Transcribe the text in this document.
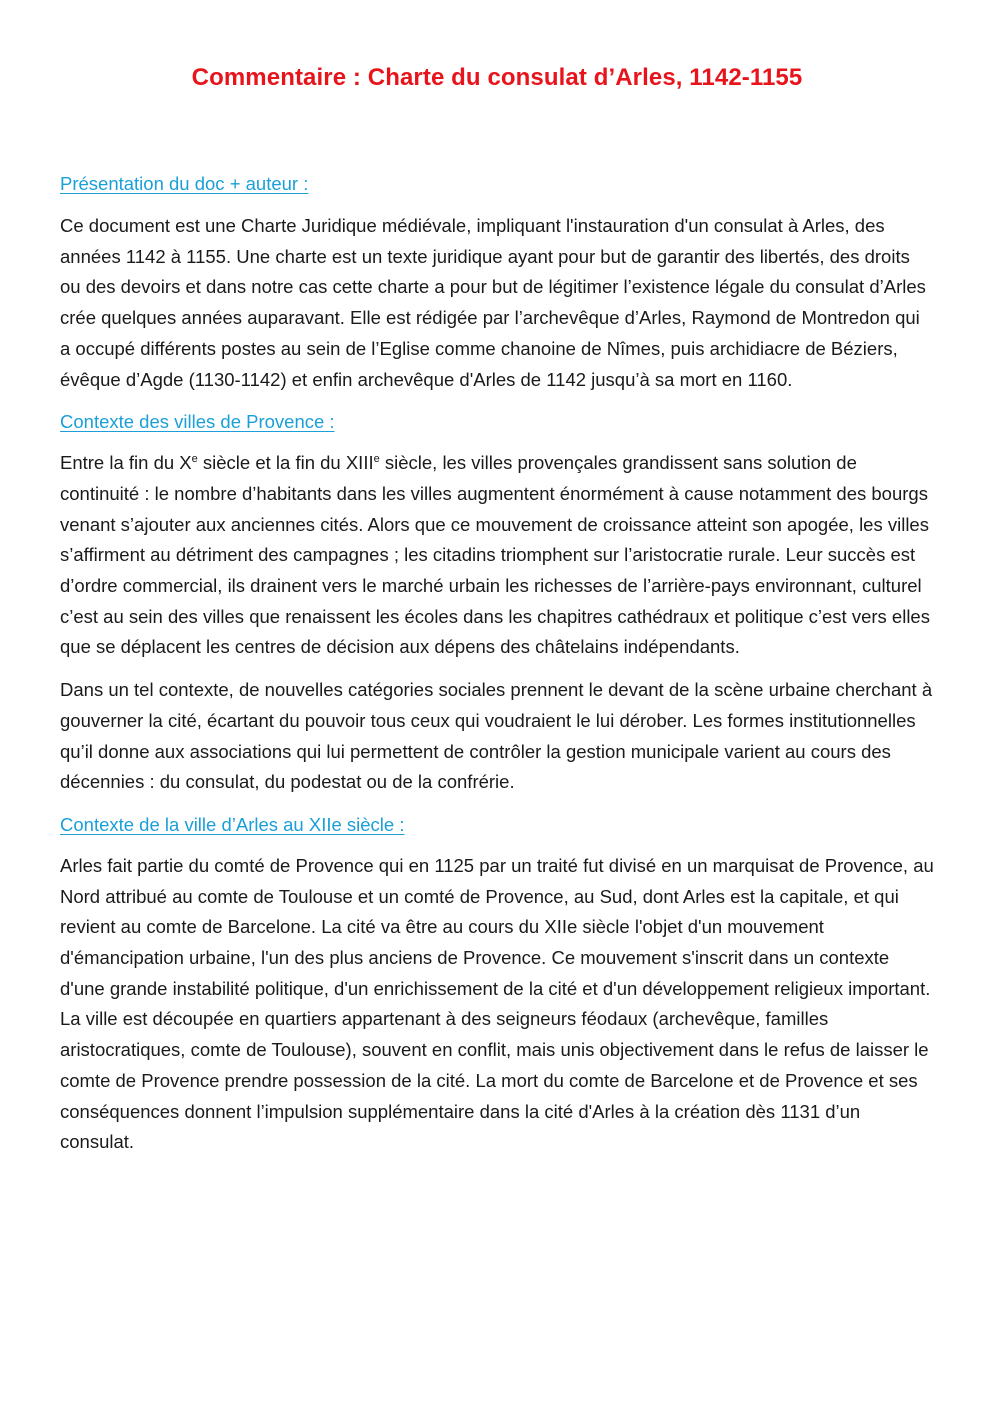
Commentaire : Charte du consulat d’Arles, 1142-1155

Présentation du doc + auteur :

Ce document est une Charte Juridique médiévale, impliquant l'instauration d'un consulat à Arles, des années 1142 à 1155. Une charte est un texte juridique ayant pour but de garantir des libertés, des droits ou des devoirs et dans notre cas cette charte a pour but de légitimer l’existence légale du consulat d’Arles crée quelques années auparavant. Elle est rédigée par l’archevêque d’Arles, Raymond de Montredon qui a occupé différents postes au sein de l’Eglise comme chanoine de Nîmes, puis archidiacre de Béziers, évêque d’Agde (1130-1142) et enfin archevêque d'Arles de 1142 jusqu’à sa mort en 1160.

Contexte des villes de Provence :

Entre la fin du Xe siècle et la fin du XIIIe siècle, les villes provençales grandissent sans solution de continuité : le nombre d’habitants dans les villes augmentent énormément à cause notamment des bourgs venant s’ajouter aux anciennes cités. Alors que ce mouvement de croissance atteint son apogée, les villes s’affirment au détriment des campagnes ; les citadins triomphent sur l’aristocratie rurale. Leur succès est d’ordre commercial, ils drainent vers le marché urbain les richesses de l’arrière-pays environnant, culturel c’est au sein des villes que renaissent les écoles dans les chapitres cathédraux et politique c’est vers elles que se déplacent les centres de décision aux dépens des châtelains indépendants.

Dans un tel contexte, de nouvelles catégories sociales prennent le devant de la scène urbaine cherchant à gouverner la cité, écartant du pouvoir tous ceux qui voudraient le lui dérober. Les formes institutionnelles qu’il donne aux associations qui lui permettent de contrôler la gestion municipale varient au cours des décennies : du consulat, du podestat ou de la confrérie.

Contexte de la ville d’Arles au XIIe siècle :

Arles fait partie du comté de Provence qui en 1125 par un traité fut divisé en un marquisat de Provence, au Nord attribué au comte de Toulouse et un comté de Provence, au Sud, dont Arles est la capitale, et qui revient au comte de Barcelone. La cité va être au cours du XIIe siècle l'objet d'un mouvement d'émancipation urbaine, l'un des plus anciens de Provence. Ce mouvement s'inscrit dans un contexte d'une grande instabilité politique, d'un enrichissement de la cité et d'un développement religieux important. La ville est découpée en quartiers appartenant à des seigneurs féodaux (archevêque, familles aristocratiques, comte de Toulouse), souvent en conflit, mais unis objectivement dans le refus de laisser le comte de Provence prendre possession de la cité. La mort du comte de Barcelone et de Provence et ses conséquences donnent l’impulsion supplémentaire dans la cité d'Arles à la création dès 1131 d’un consulat.
